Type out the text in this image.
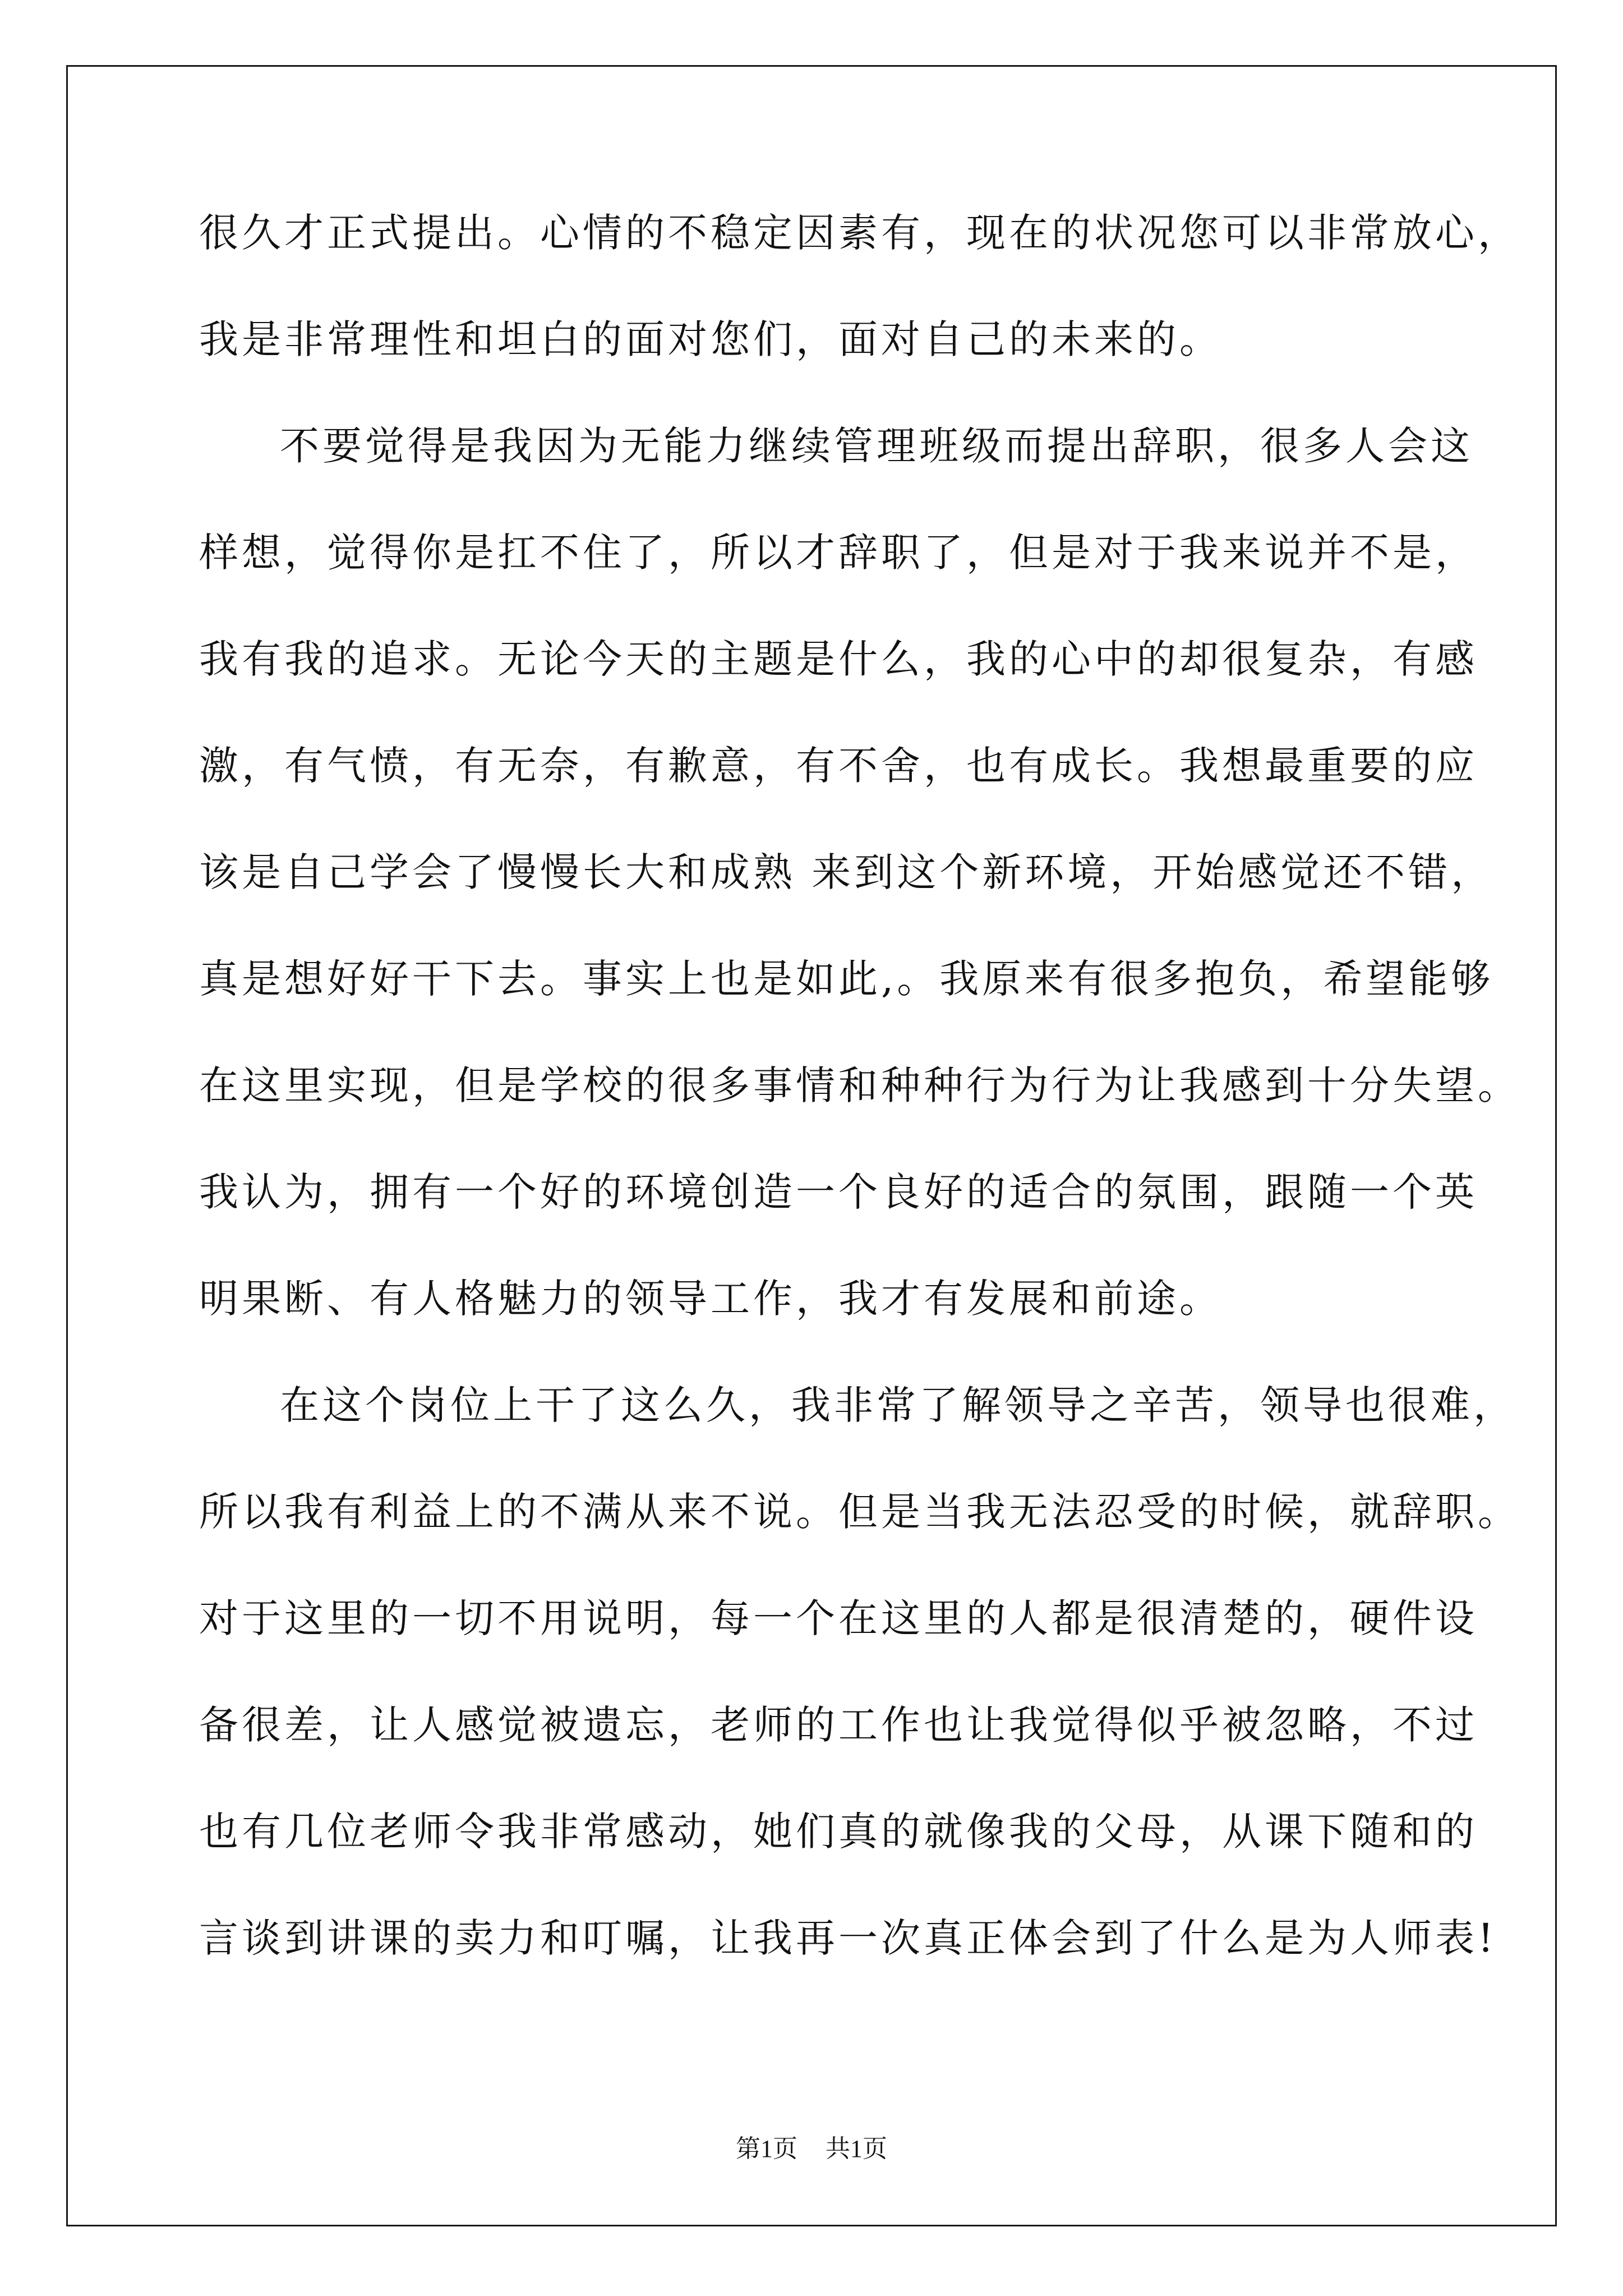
很久才正式提出。心情的不稳定因素有，现在的状况您可以非常放心，
我是非常理性和坦白的面对您们，面对自己的未来的。
不要觉得是我因为无能力继续管理班级而提出辞职，很多人会这
样想，觉得你是扛不住了，所以才辞职了，但是对于我来说并不是，
我有我的追求。无论今天的主题是什么，我的心中的却很复杂，有感
激，有气愤，有无奈，有歉意，有不舍，也有成长。我想最重要的应
该是自己学会了慢慢长大和成熟 来到这个新环境，开始感觉还不错，
真是想好好干下去。事实上也是如此,。我原来有很多抱负，希望能够
在这里实现，但是学校的很多事情和种种行为行为让我感到十分失望。
我认为，拥有一个好的环境创造一个良好的适合的氛围，跟随一个英
明果断、有人格魅力的领导工作，我才有发展和前途。
在这个岗位上干了这么久，我非常了解领导之辛苦，领导也很难，
所以我有利益上的不满从来不说。但是当我无法忍受的时候，就辞职。
对于这里的一切不用说明，每一个在这里的人都是很清楚的，硬件设
备很差，让人感觉被遗忘，老师的工作也让我觉得似乎被忽略，不过
也有几位老师令我非常感动，她们真的就像我的父母，从课下随和的
言谈到讲课的卖力和叮嘱，让我再一次真正体会到了什么是为人师表!
第1页 共1页
